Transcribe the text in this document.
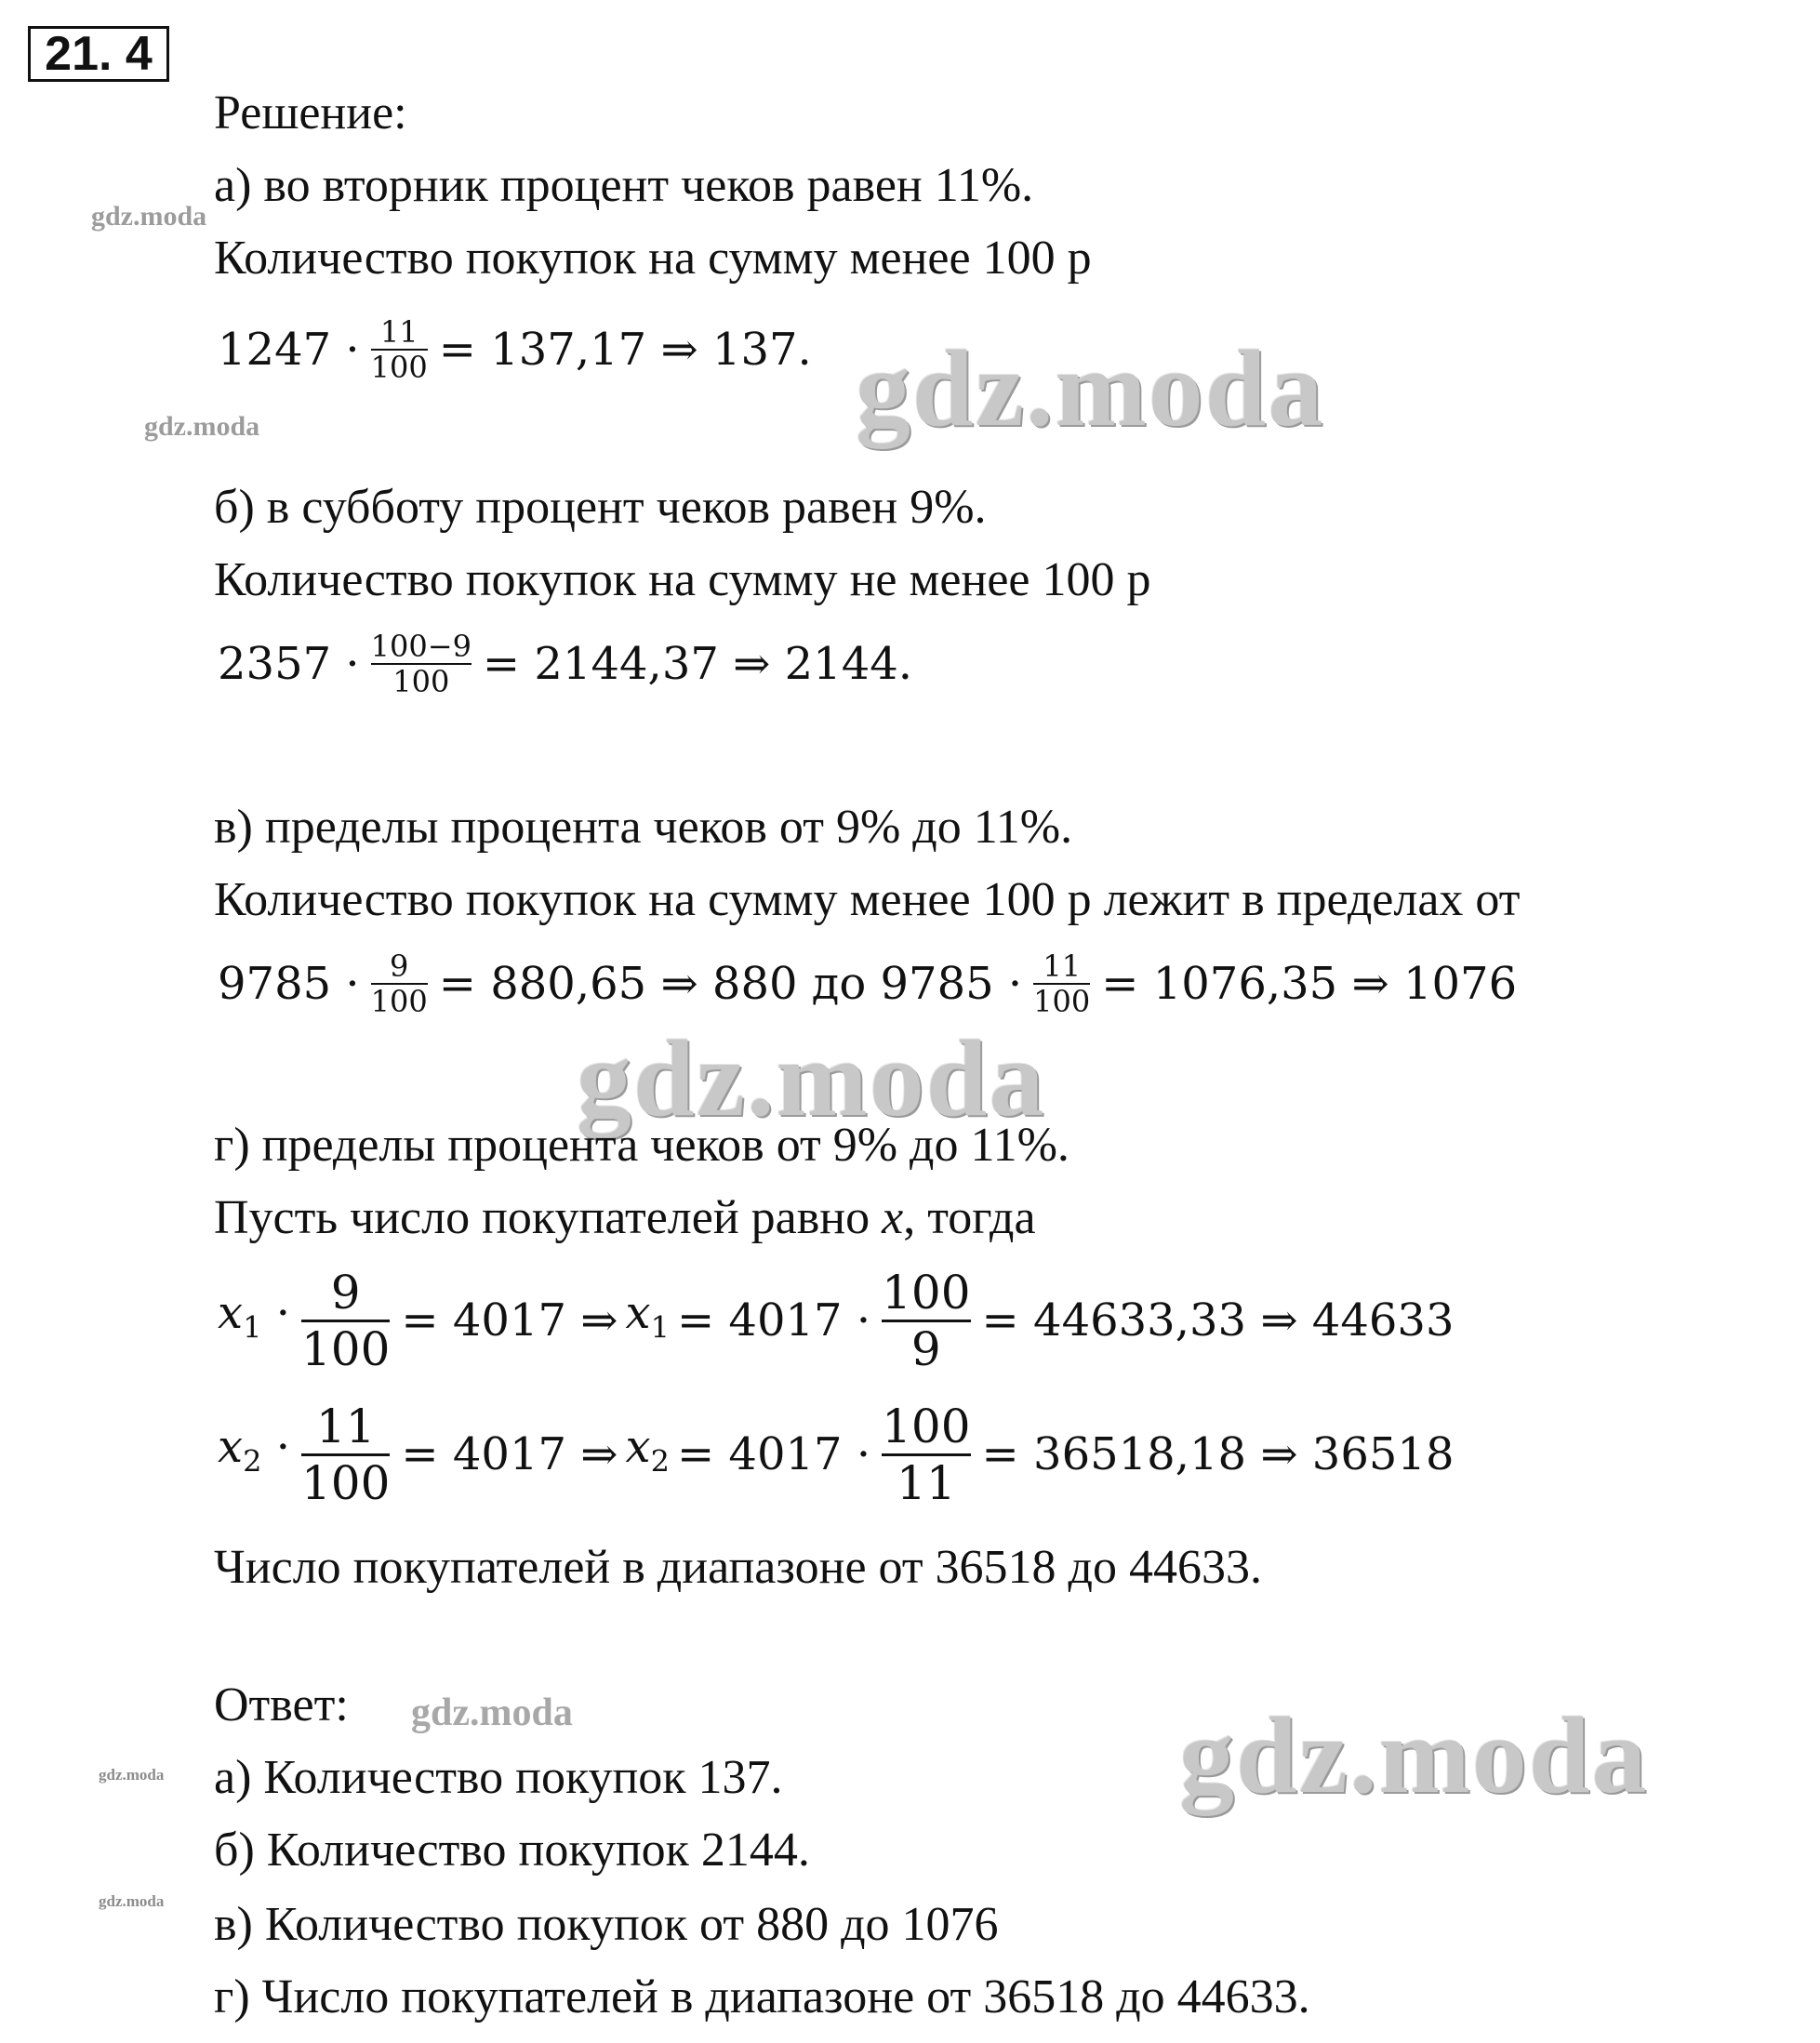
21. 4
gdz.moda
gdz.moda	gdz.moda
gdz.moda
gdz.moda	gdz.moda
gdz.moda
gdz.moda
Решение:
а) во вторник процент чеков равен 11%.
Количество покупок на сумму менее 100 р
$1247 \cdot \frac{11}{100} = 137,17$ ⇒ 137.
б) в субботу процент чеков равен 9%.
Количество покупок на сумму не менее 100 р
$2357 \cdot \frac{100-9}{100} = 2144,37$ ⇒ 2144.
в) пределы процента чеков от 9% до 11%.
Количество покупок на сумму менее 100 р лежит в пределах от
$9785 \cdot \frac{9}{100} = 880,65$ ⇒ 880 до $9785 \cdot \frac{11}{100} = 1076,35$ ⇒ 1076
г) пределы процента чеков от 9% до 11%.
Пусть число покупателей равно x, тогда
$x_1 \cdot \frac{9}{100} = 4017$ ⇒ $x_1 = 4017 \cdot \frac{100}{9} = 44633,33$ ⇒ 44633
$x_2 \cdot \frac{11}{100} = 4017$ ⇒ $x_2 = 4017 \cdot \frac{100}{11} = 36518,18$ ⇒ 36518
Число покупателей в диапазоне от 36518 до 44633.
Ответ:
а) Количество покупок 137.
б) Количество покупок 2144.
в) Количество покупок от 880 до 1076
г) Число покупателей в диапазоне от 36518 до 44633.
